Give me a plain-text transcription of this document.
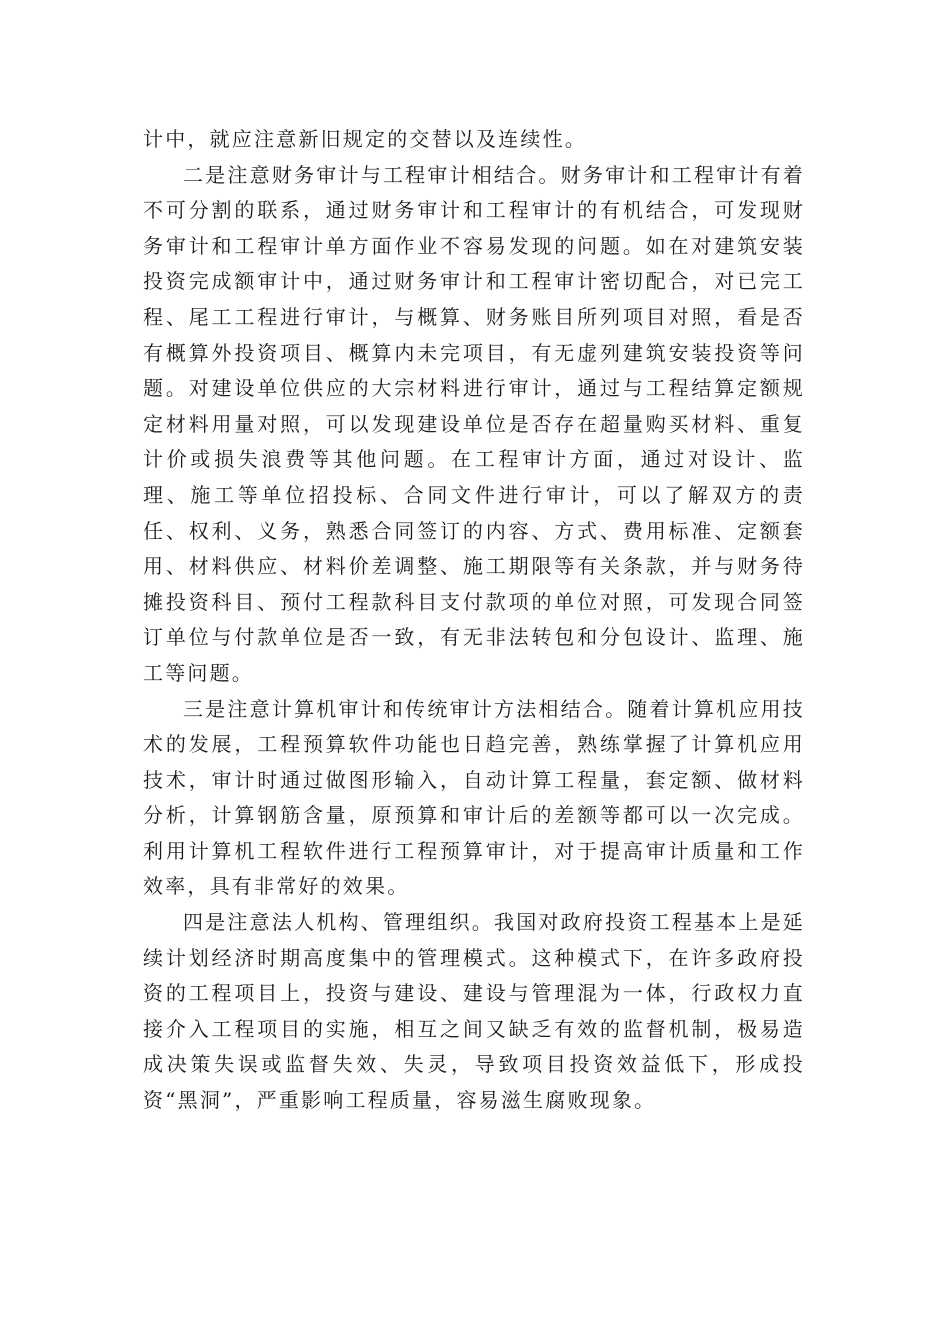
计中，就应注意新旧规定的交替以及连续性。

二是注意财务审计与工程审计相结合。财务审计和工程审计有着不可分割的联系，通过财务审计和工程审计的有机结合，可发现财务审计和工程审计单方面作业不容易发现的问题。如在对建筑安装投资完成额审计中，通过财务审计和工程审计密切配合，对已完工程、尾工工程进行审计，与概算、财务账目所列项目对照，看是否有概算外投资项目、概算内未完项目，有无虚列建筑安装投资等问题。对建设单位供应的大宗材料进行审计，通过与工程结算定额规定材料用量对照，可以发现建设单位是否存在超量购买材料、重复计价或损失浪费等其他问题。在工程审计方面，通过对设计、监理、施工等单位招投标、合同文件进行审计，可以了解双方的责任、权利、义务，熟悉合同签订的内容、方式、费用标准、定额套用、材料供应、材料价差调整、施工期限等有关条款，并与财务待摊投资科目、预付工程款科目支付款项的单位对照，可发现合同签订单位与付款单位是否一致，有无非法转包和分包设计、监理、施工等问题。

三是注意计算机审计和传统审计方法相结合。随着计算机应用技术的发展，工程预算软件功能也日趋完善，熟练掌握了计算机应用技术，审计时通过做图形输入，自动计算工程量，套定额、做材料分析，计算钢筋含量，原预算和审计后的差额等都可以一次完成。利用计算机工程软件进行工程预算审计，对于提高审计质量和工作效率，具有非常好的效果。

四是注意法人机构、管理组织。我国对政府投资工程基本上是延续计划经济时期高度集中的管理模式。这种模式下，在许多政府投资的工程项目上，投资与建设、建设与管理混为一体，行政权力直接介入工程项目的实施，相互之间又缺乏有效的监督机制，极易造成决策失误或监督失效、失灵，导致项目投资效益低下，形成投资“黑洞”，严重影响工程质量，容易滋生腐败现象。
